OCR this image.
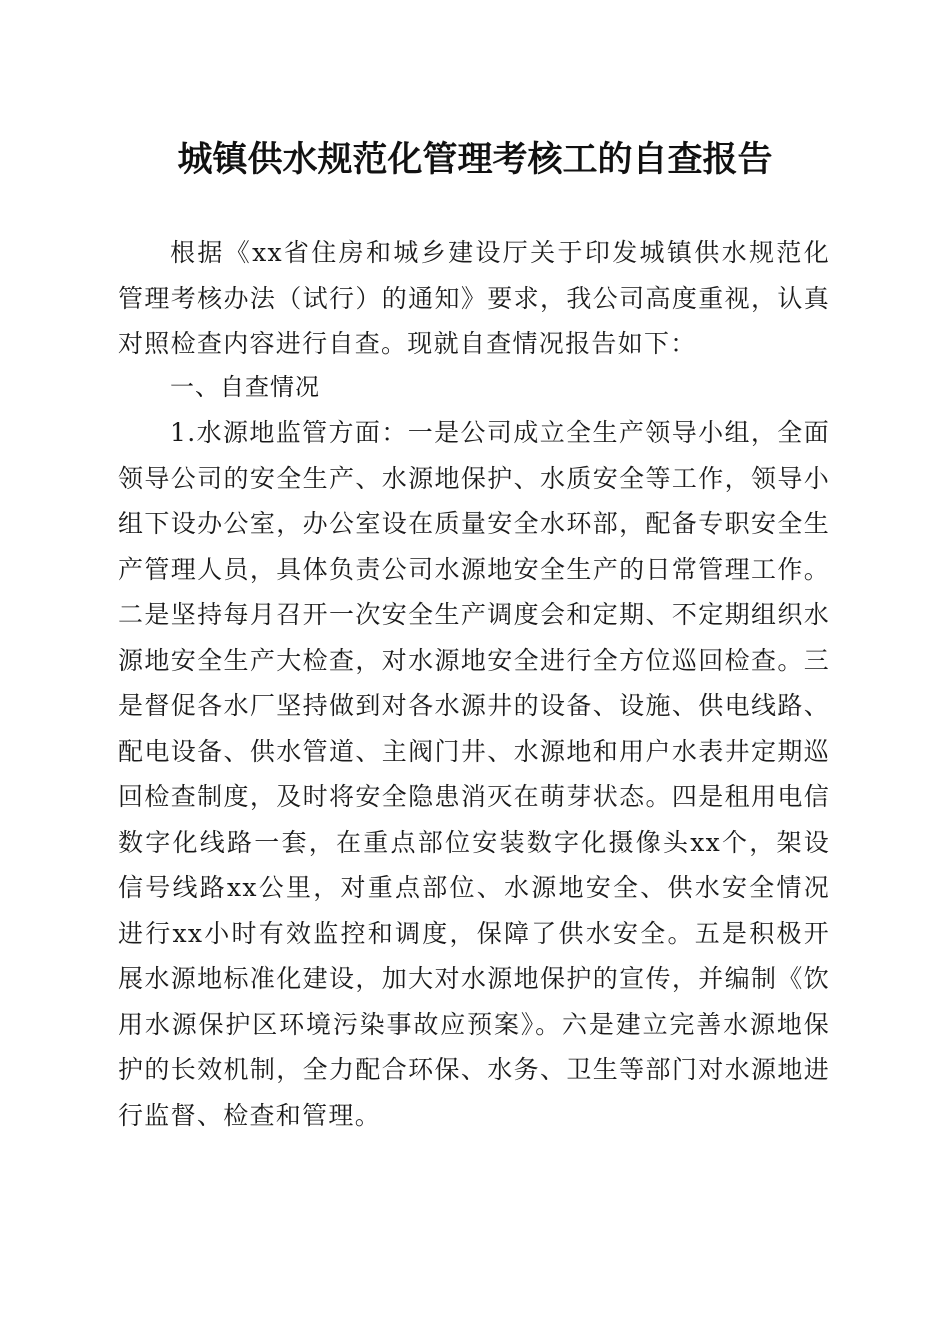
城镇供水规范化管理考核工的自查报告
根据《xx省住房和城乡建设厅关于印发城镇供水规范化管理考核办法（试行）的通知》要求，我公司高度重视，认真对照检查内容进行自查。现就自查情况报告如下：
一、自查情况
1.水源地监管方面：一是公司成立全生产领导小组，全面领导公司的安全生产、水源地保护、水质安全等工作，领导小组下设办公室，办公室设在质量安全水环部，配备专职安全生产管理人员，具体负责公司水源地安全生产的日常管理工作。二是坚持每月召开一次安全生产调度会和定期、不定期组织水源地安全生产大检查，对水源地安全进行全方位巡回检查。三是督促各水厂坚持做到对各水源井的设备、设施、供电线路、配电设备、供水管道、主阀门井、水源地和用户水表井定期巡回检查制度，及时将安全隐患消灭在萌芽状态。四是租用电信数字化线路一套，在重点部位安装数字化摄像头xx个，架设信号线路xx公里，对重点部位、水源地安全、供水安全情况进行xx小时有效监控和调度，保障了供水安全。五是积极开展水源地标准化建设，加大对水源地保护的宣传，并编制《饮用水源保护区环境污染事故应预案》。六是建立完善水源地保护的长效机制，全力配合环保、水务、卫生等部门对水源地进行监督、检查和管理。
